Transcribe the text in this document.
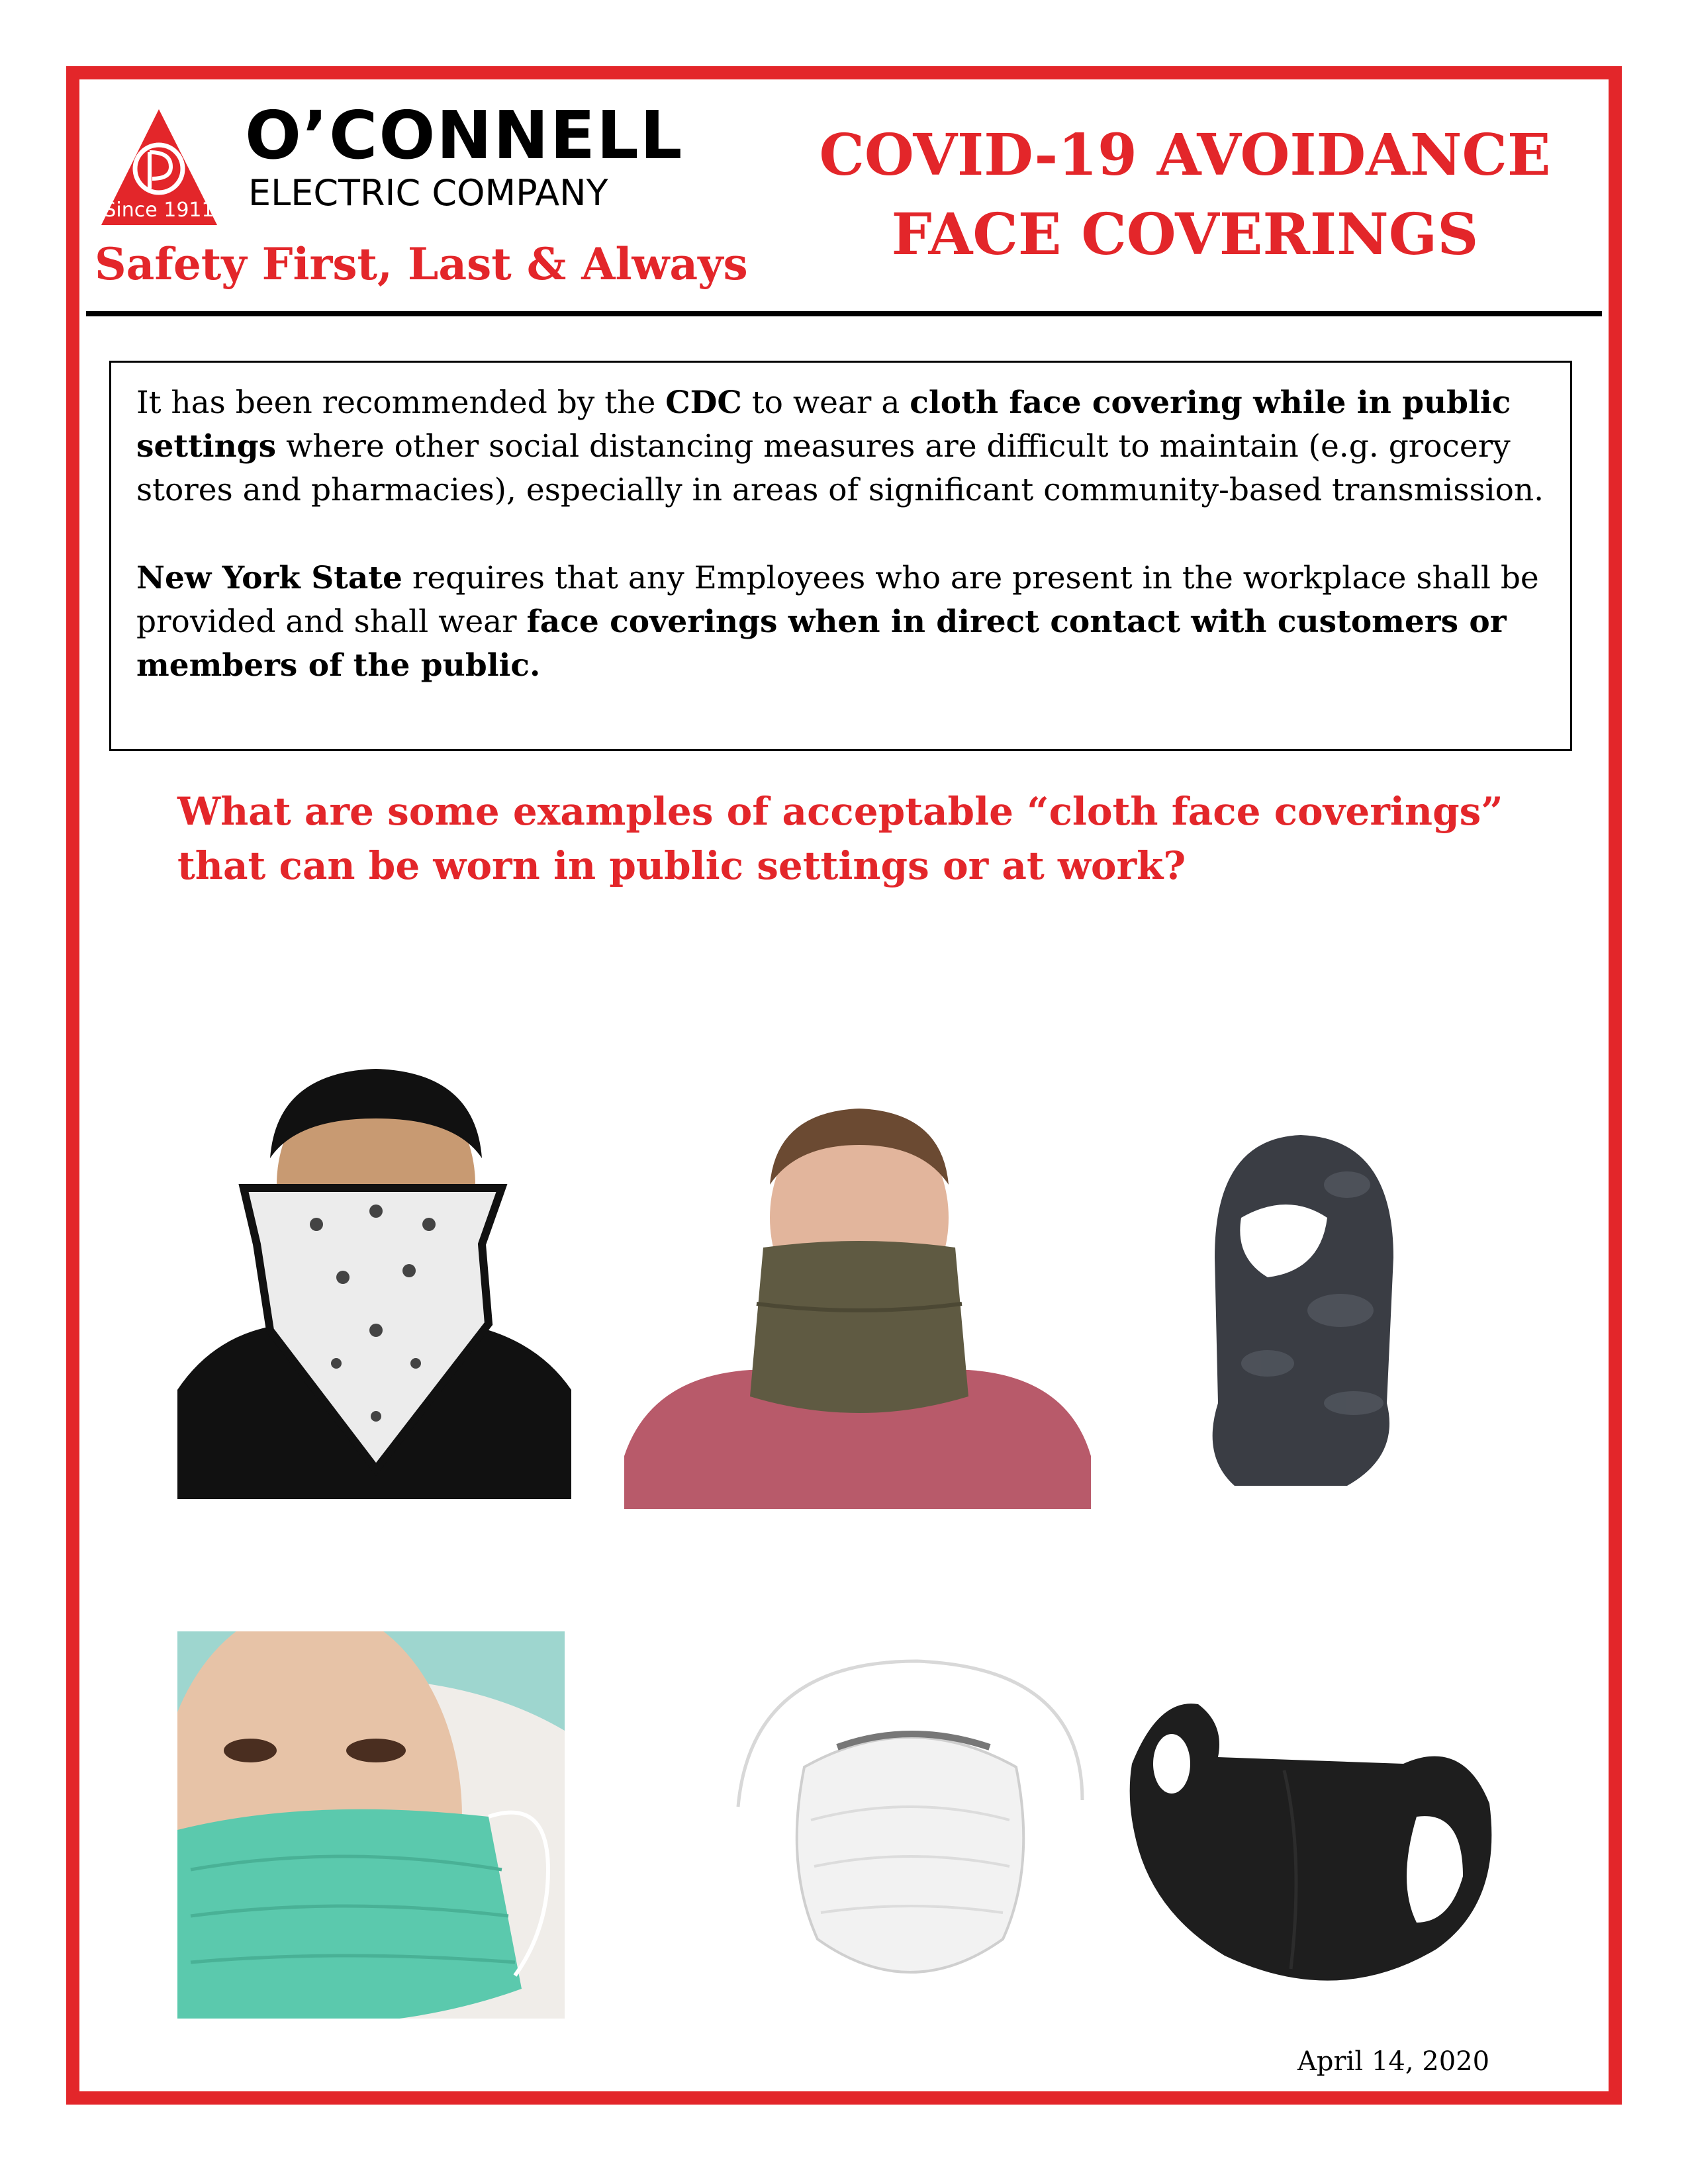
Since 1911

O’CONNELL

ELECTRIC COMPANY

Safety First, Last & Always

COVID-19 AVOIDANCE
FACE COVERINGS

It has been recommended by the CDC to wear a cloth face covering while in public settings where other social distancing measures are difficult to maintain (e.g. grocery stores and pharmacies), especially in areas of significant community-based transmission.

New York State requires that any Employees who are present in the workplace shall be provided and shall wear face coverings when in direct contact with customers or members of the public.

What are some examples of acceptable “cloth face coverings” that can be worn in public settings or at work?

April 14, 2020
